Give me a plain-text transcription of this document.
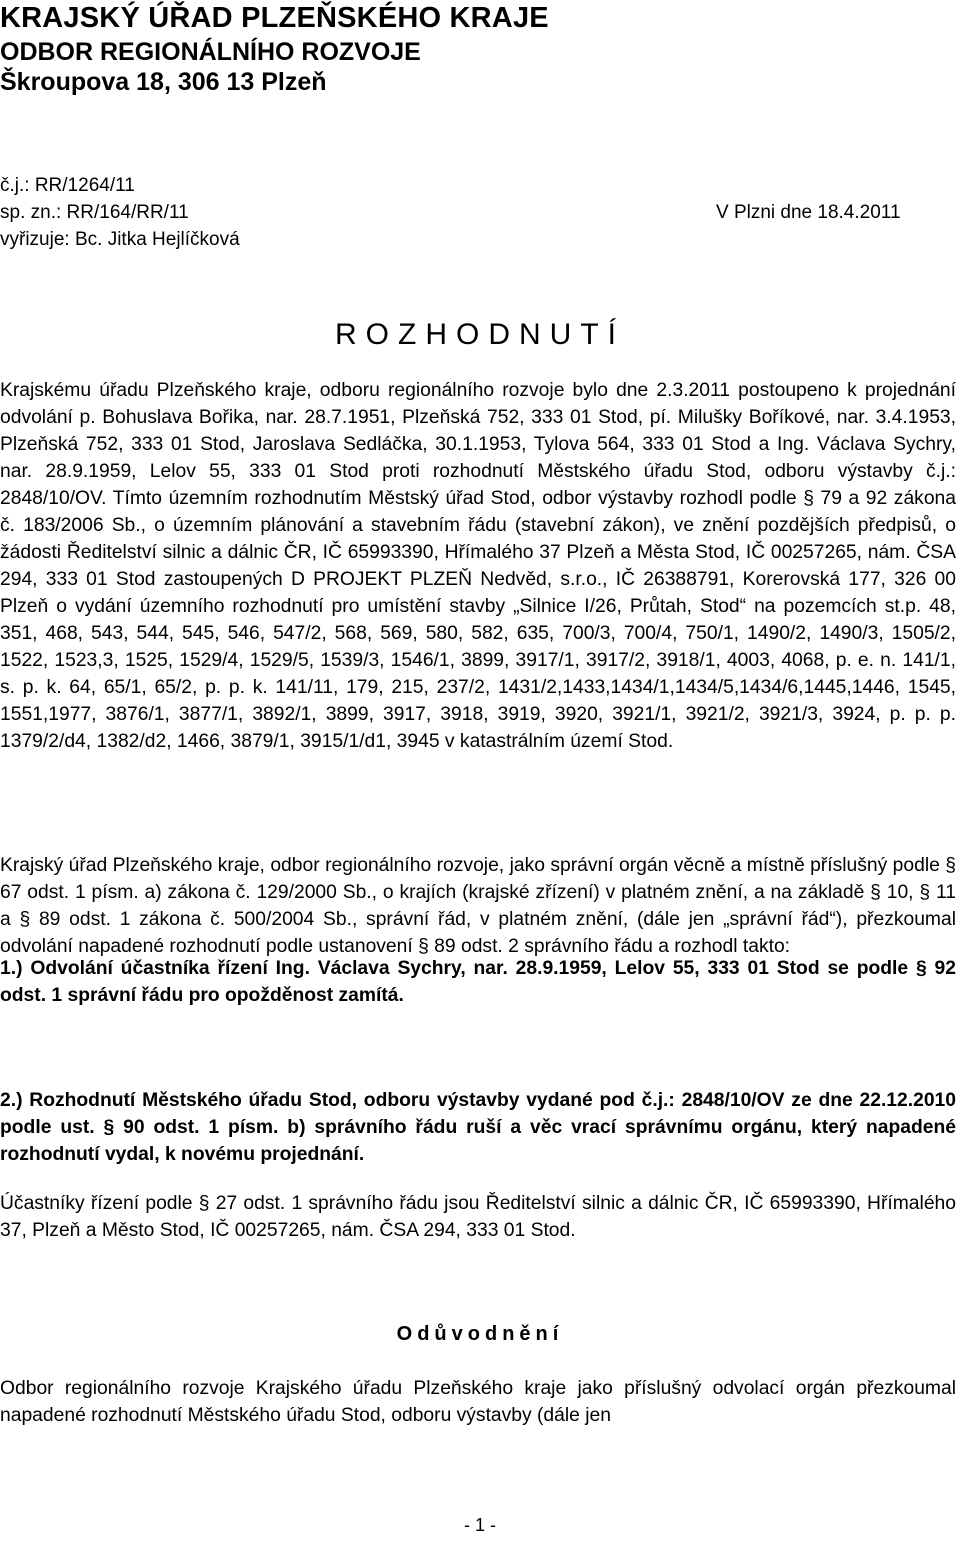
KRAJSKÝ ÚŘAD PLZEŇSKÉHO KRAJE
ODBOR REGIONÁLNÍHO ROZVOJE
Škroupova 18, 306 13 Plzeň
č.j.: RR/1264/11
sp. zn.: RR/164/RR/11
vyřizuje: Bc. Jitka Hejlíčková
V Plzni dne 18.4.2011
ROZHODNUTÍ

Krajskému úřadu Plzeňského kraje, odboru regionálního rozvoje bylo dne 2.3.2011 postoupeno k projednání odvolání p. Bohuslava Bořika, nar. 28.7.1951, Plzeňská 752, 333 01 Stod, pí. Milušky Boříkové, nar. 3.4.1953, Plzeňská 752, 333 01 Stod, Jaroslava Sedláčka, 30.1.1953, Tylova 564, 333 01 Stod a Ing. Václava Sychry, nar. 28.9.1959, Lelov 55, 333 01 Stod proti rozhodnutí Městského úřadu Stod, odboru výstavby č.j.: 2848/10/OV. Tímto územním rozhodnutím Městský úřad Stod, odbor výstavby rozhodl podle § 79 a 92 zákona č. 183/2006 Sb., o územním plánování a stavebním řádu (stavební zákon), ve znění pozdějších předpisů, o žádosti Ředitelství silnic a dálnic ČR, IČ 65993390, Hřímalého 37 Plzeň a Města Stod, IČ 00257265, nám. ČSA 294, 333 01 Stod zastoupených D PROJEKT PLZEŇ Nedvěd, s.r.o., IČ 26388791, Korerovská 177, 326 00 Plzeň o vydání územního rozhodnutí pro umístění stavby „Silnice I/26, Průtah, Stod“ na pozemcích st.p. 48, 351, 468, 543, 544, 545, 546, 547/2, 568, 569, 580, 582, 635, 700/3, 700/4, 750/1, 1490/2, 1490/3, 1505/2, 1522, 1523,3, 1525, 1529/4, 1529/5, 1539/3, 1546/1, 3899, 3917/1, 3917/2, 3918/1, 4003, 4068, p. e. n. 141/1, s. p. k. 64, 65/1, 65/2, p. p. k. 141/11, 179, 215, 237/2, 1431/2,1433,1434/1,1434/5,1434/6,1445,1446, 1545, 1551,1977, 3876/1, 3877/1, 3892/1, 3899, 3917, 3918, 3919, 3920, 3921/1, 3921/2, 3921/3, 3924, p. p. p. 1379/2/d4, 1382/d2, 1466, 3879/1, 3915/1/d1, 3945 v katastrálním území Stod.

Krajský úřad Plzeňského kraje, odbor regionálního rozvoje, jako správní orgán věcně a místně příslušný podle § 67 odst. 1 písm. a) zákona č. 129/2000 Sb., o krajích (krajské zřízení) v platném znění, a na základě § 10, § 11 a § 89 odst. 1 zákona č. 500/2004 Sb., správní řád, v platném znění, (dále jen „správní řád“), přezkoumal odvolání napadené rozhodnutí podle ustanovení § 89 odst. 2 správního řádu a rozhodl takto:

1.) Odvolání účastníka řízení Ing. Václava Sychry, nar. 28.9.1959, Lelov 55, 333 01 Stod se podle § 92 odst. 1 správní řádu pro opožděnost zamítá.

2.) Rozhodnutí Městského úřadu Stod, odboru výstavby vydané pod č.j.: 2848/10/OV ze dne 22.12.2010 podle ust. § 90 odst. 1 písm. b) správního řádu ruší a věc vrací správnímu orgánu, který napadené rozhodnutí vydal, k novému projednání.

Účastníky řízení podle § 27 odst. 1 správního řádu jsou Ředitelství silnic a dálnic ČR, IČ 65993390, Hřímalého 37, Plzeň a Město Stod, IČ 00257265, nám. ČSA 294, 333 01 Stod.

Odůvodnění

Odbor regionálního rozvoje Krajského úřadu Plzeňského kraje jako příslušný odvolací orgán přezkoumal napadené rozhodnutí Městského úřadu Stod, odboru výstavby (dále jen

- 1 -
